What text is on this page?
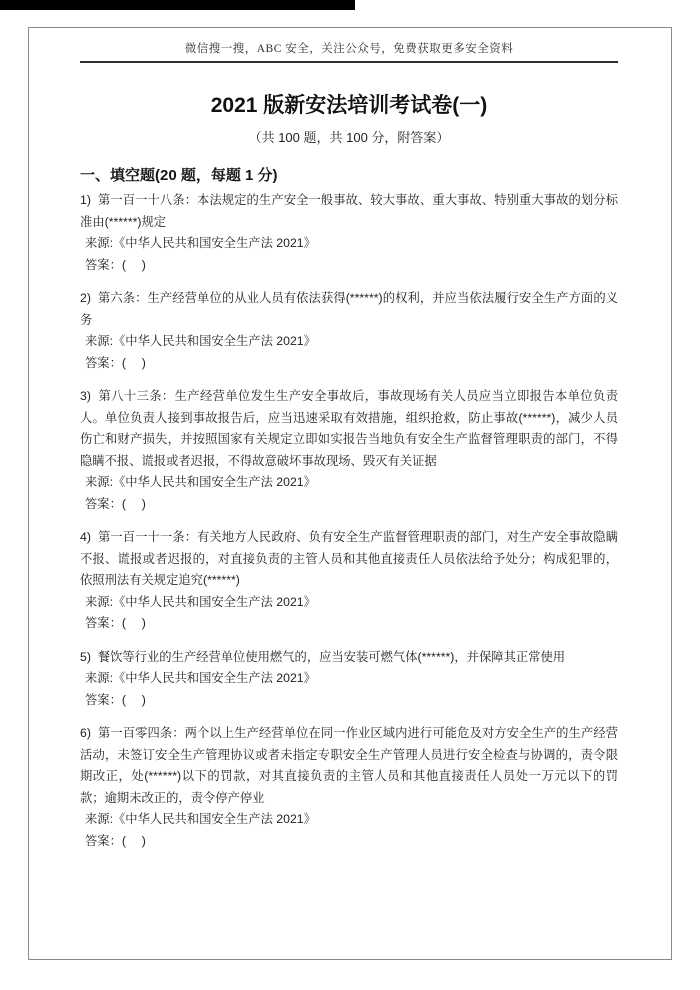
微信搜一搜，ABC 安全，关注公众号，免费获取更多安全资料
2021 版新安法培训考试卷(一)
（共 100 题，共 100 分，附答案）
一、填空题(20 题，每题 1 分)
1)  第一百一十八条：本法规定的生产安全一般事故、较大事故、重大事故、特别重大事故的划分标准由(******)规定
来源:《中华人民共和国安全生产法 2021》
答案：(　 )
2)  第六条：生产经营单位的从业人员有依法获得(******)的权利，并应当依法履行安全生产方面的义务
来源:《中华人民共和国安全生产法 2021》
答案：(　 )
3)  第八十三条：生产经营单位发生生产安全事故后，事故现场有关人员应当立即报告本单位负责人。单位负责人接到事故报告后，应当迅速采取有效措施，组织抢救，防止事故(******)，减少人员伤亡和财产损失，并按照国家有关规定立即如实报告当地负有安全生产监督管理职责的部门，不得隐瞒不报、谎报或者迟报，不得故意破坏事故现场、毁灭有关证据
来源:《中华人民共和国安全生产法 2021》
答案：(　 )
4)  第一百一十一条：有关地方人民政府、负有安全生产监督管理职责的部门，对生产安全事故隐瞒不报、谎报或者迟报的，对直接负责的主管人员和其他直接责任人员依法给予处分；构成犯罪的，依照刑法有关规定追究(******)
来源:《中华人民共和国安全生产法 2021》
答案：(　 )
5)  餐饮等行业的生产经营单位使用燃气的，应当安装可燃气体(******)，并保障其正常使用
来源:《中华人民共和国安全生产法 2021》
答案：(　 )
6)  第一百零四条：两个以上生产经营单位在同一作业区域内进行可能危及对方安全生产的生产经营活动，未签订安全生产管理协议或者未指定专职安全生产管理人员进行安全检查与协调的，责令限期改正，处(******)以下的罚款，对其直接负责的主管人员和其他直接责任人员处一万元以下的罚款；逾期未改正的，责令停产停业
来源:《中华人民共和国安全生产法 2021》
答案：(　 )
